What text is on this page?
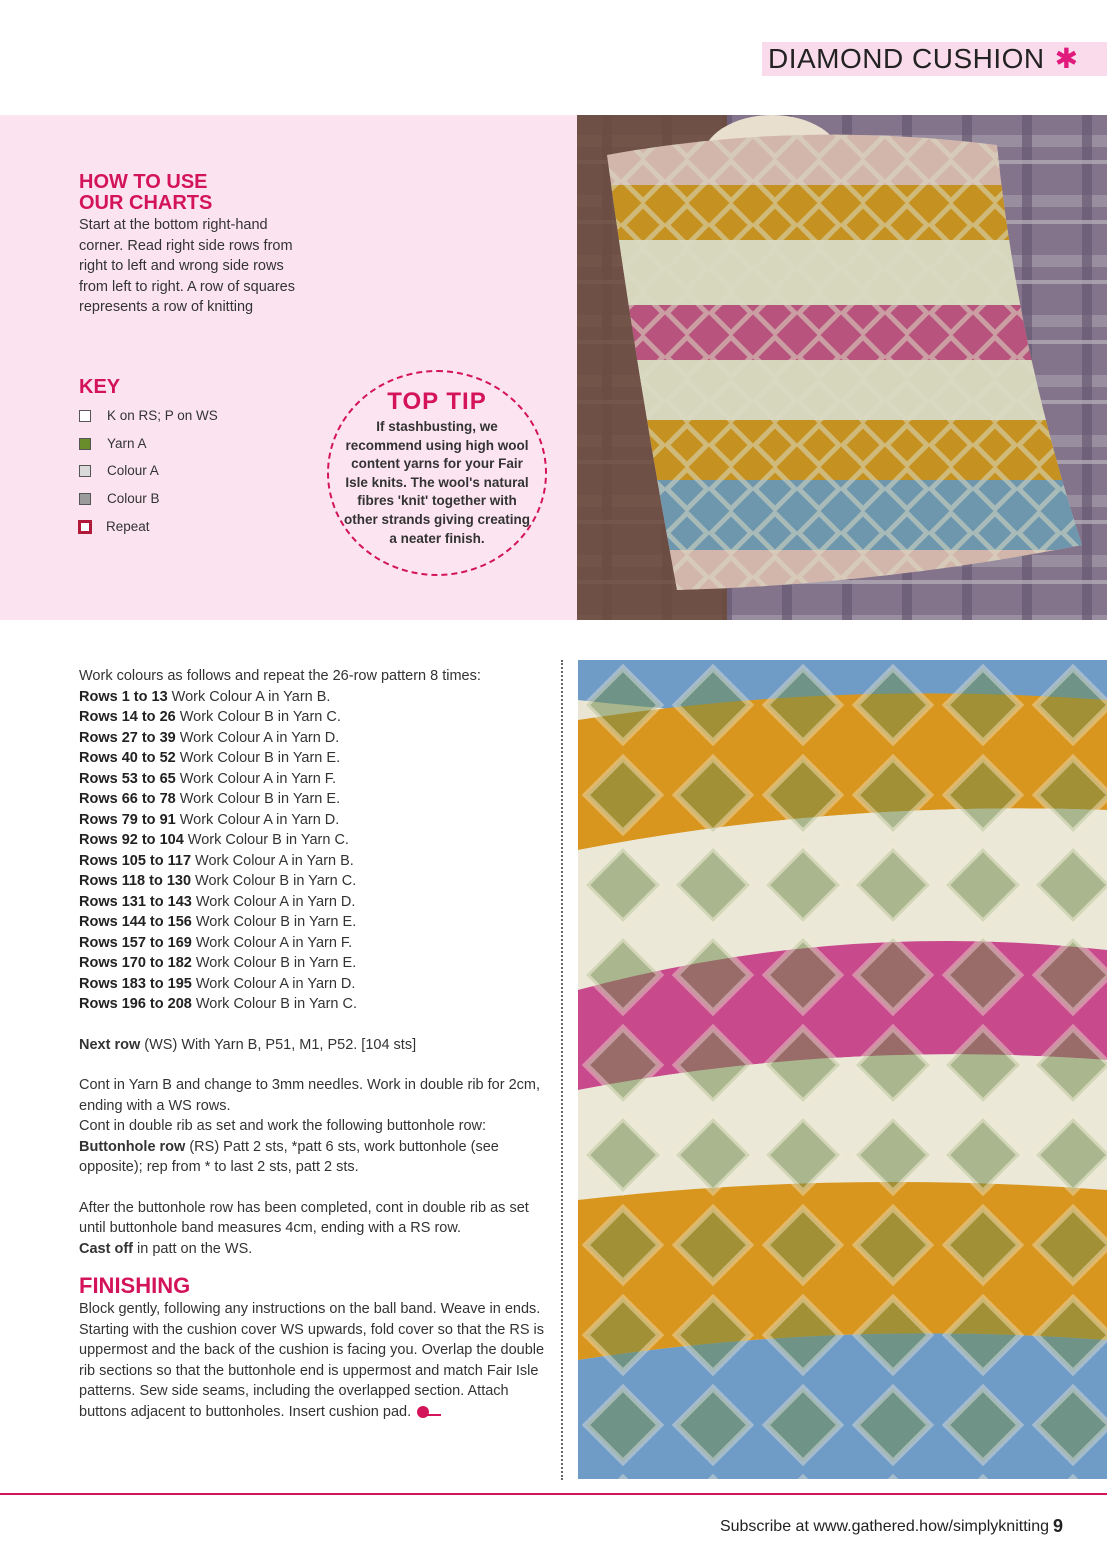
DIAMOND CUSHION ✱
HOW TO USE
OUR CHARTS
Start at the bottom right-hand corner. Read right side rows from right to left and wrong side rows from left to right. A row of squares represents a row of knitting
KEY
K on RS; P on WS
Yarn A
Colour A
Colour B
Repeat
TOP TIP
If stashbusting, we recommend using high wool content yarns for your Fair Isle knits. The wool's natural fibres 'knit' together with other strands giving creating a neater finish.
Work colours as follows and repeat the 26-row pattern 8 times:
Rows 1 to 13 Work Colour A in Yarn B.
Rows 14 to 26 Work Colour B in Yarn C.
Rows 27 to 39 Work Colour A in Yarn D.
Rows 40 to 52 Work Colour B in Yarn E.
Rows 53 to 65 Work Colour A in Yarn F.
Rows 66 to 78 Work Colour B in Yarn E.
Rows 79 to 91 Work Colour A in Yarn D.
Rows 92 to 104 Work Colour B in Yarn C.
Rows 105 to 117 Work Colour A in Yarn B.
Rows 118 to 130 Work Colour B in Yarn C.
Rows 131 to 143 Work Colour A in Yarn D.
Rows 144 to 156 Work Colour B in Yarn E.
Rows 157 to 169 Work Colour A in Yarn F.
Rows 170 to 182 Work Colour B in Yarn E.
Rows 183 to 195 Work Colour A in Yarn D.
Rows 196 to 208 Work Colour B in Yarn C.
Next row (WS) With Yarn B, P51, M1, P52. [104 sts]
Cont in Yarn B and change to 3mm needles. Work in double rib for 2cm, ending with a WS rows.
Cont in double rib as set and work the following buttonhole row:
Buttonhole row (RS) Patt 2 sts, *patt 6 sts, work buttonhole (see opposite); rep from * to last 2 sts, patt 2 sts.
After the buttonhole row has been completed, cont in double rib as set until buttonhole band measures 4cm, ending with a RS row.
Cast off in patt on the WS.
FINISHING
Block gently, following any instructions on the ball band. Weave in ends. Starting with the cushion cover WS upwards, fold cover so that the RS is uppermost and the back of the cushion is facing you. Overlap the double rib sections so that the buttonhole end is uppermost and match Fair Isle patterns. Sew side seams, including the overlapped section. Attach buttons adjacent to buttonholes. Insert cushion pad.
Subscribe at www.gathered.how/simplyknitting 9
